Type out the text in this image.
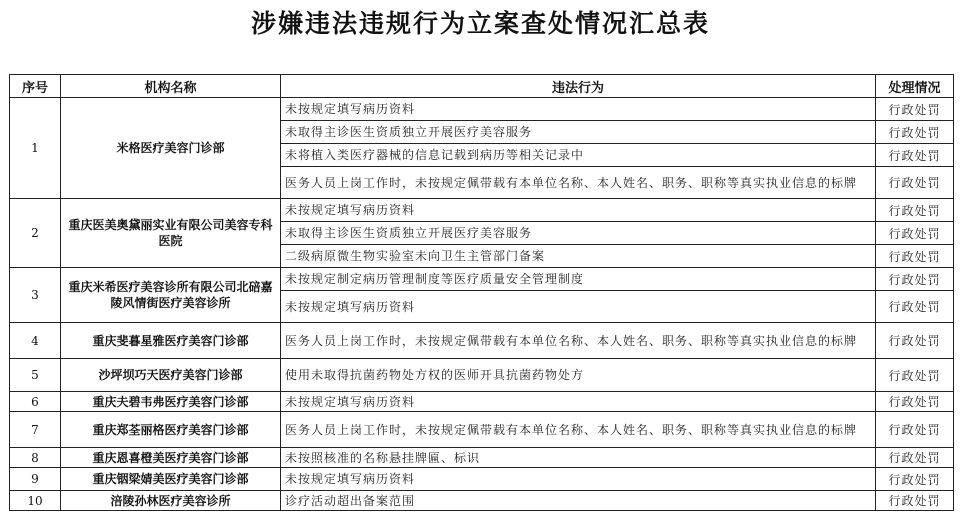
涉嫌违法违规行为立案查处情况汇总表
序号	机构名称	违法行为	处理情况
1	米格医疗美容门诊部	未按规定填写病历资料	行政处罚
		未取得主诊医生资质独立开展医疗美容服务	行政处罚
		未将植入类医疗器械的信息记载到病历等相关记录中	行政处罚
		医务人员上岗工作时，未按规定佩带载有本单位名称、本人姓名、职务、职称等真实执业信息的标牌	行政处罚
2	重庆医美奥黛丽实业有限公司美容专科医院	未按规定填写病历资料	行政处罚
		未取得主诊医生资质独立开展医疗美容服务	行政处罚
		二级病原微生物实验室未向卫生主管部门备案	行政处罚
3	重庆米希医疗美容诊所有限公司北碚嘉陵风情街医疗美容诊所	未按规定制定病历管理制度等医疗质量安全管理制度	行政处罚
		未按规定填写病历资料	行政处罚
4	重庆斐暮星雅医疗美容门诊部	医务人员上岗工作时，未按规定佩带载有本单位名称、本人姓名、职务、职称等真实执业信息的标牌	行政处罚
5	沙坪坝巧天医疗美容门诊部	使用未取得抗菌药物处方权的医师开具抗菌药物处方	行政处罚
6	重庆夫碧韦弗医疗美容门诊部	未按规定填写病历资料	行政处罚
7	重庆郑荃丽格医疗美容门诊部	医务人员上岗工作时，未按规定佩带载有本单位名称、本人姓名、职务、职称等真实执业信息的标牌	行政处罚
8	重庆恩喜橙美医疗美容门诊部	未按照核准的名称悬挂牌匾、标识	行政处罚
9	重庆铟梁婧美医疗美容门诊部	未按规定填写病历资料	行政处罚
10	涪陵孙林医疗美容诊所	诊疗活动超出备案范围	行政处罚
